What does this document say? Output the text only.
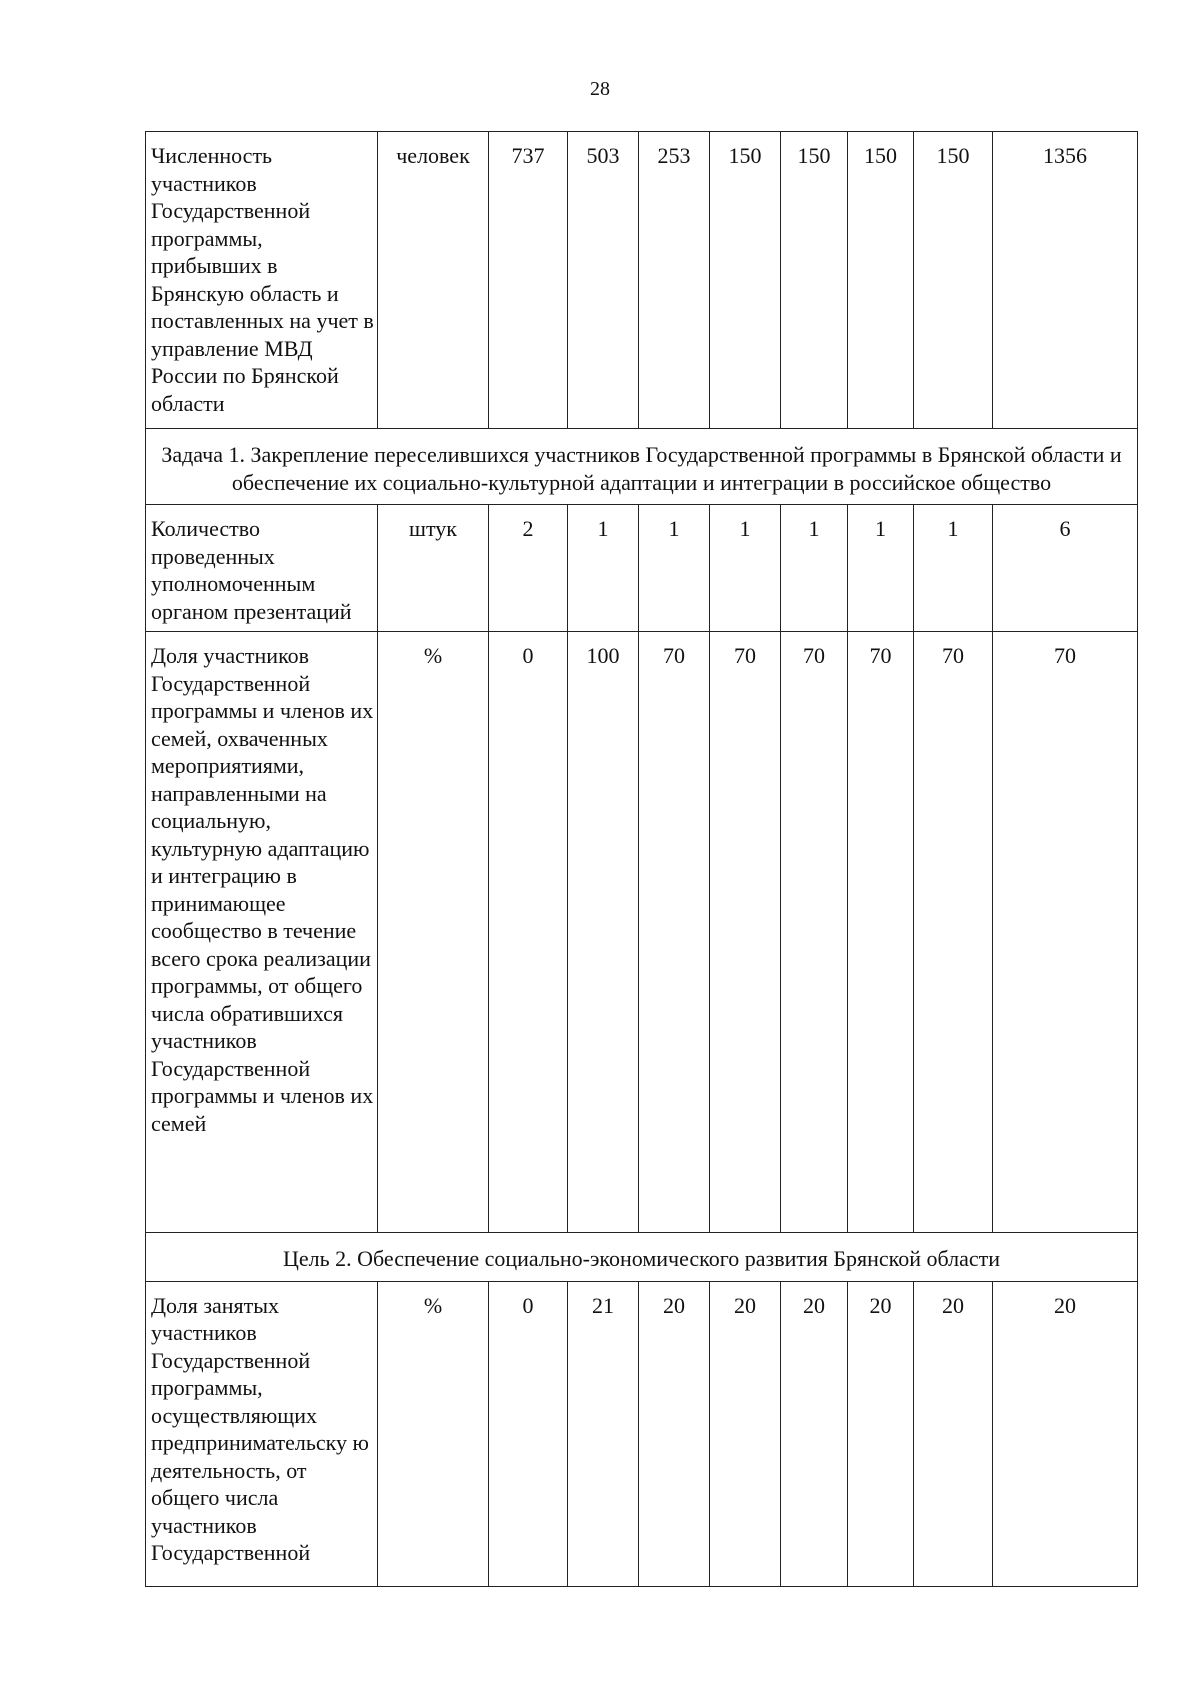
28
Численность участников Государственной программы, прибывших в Брянскую область и поставленных на учет в управление МВД России по Брянской области	человек	737	503	253	150	150	150	150	1356
Задача 1. Закрепление переселившихся участников Государственной программы в Брянской области и обеспечение их социально-культурной адаптации и интеграции в российское общество									
Количество проведенных уполномоченным органом презентаций	штук	2	1	1	1	1	1	1	6
Доля участников Государственной программы и членов их семей, охваченных мероприятиями, направленными на социальную, культурную адаптацию и интеграцию в принимающее сообщество в течение всего срока реализации программы, от общего числа обратившихся участников Государственной программы и членов их семей	%	0	100	70	70	70	70	70	70
Цель 2. Обеспечение социально-экономического развития Брянской области									
Доля занятых участников Государственной программы, осуществляющих предпринимательску ю деятельность, от общего числа участников Государственной	%	0	21	20	20	20	20	20	20
